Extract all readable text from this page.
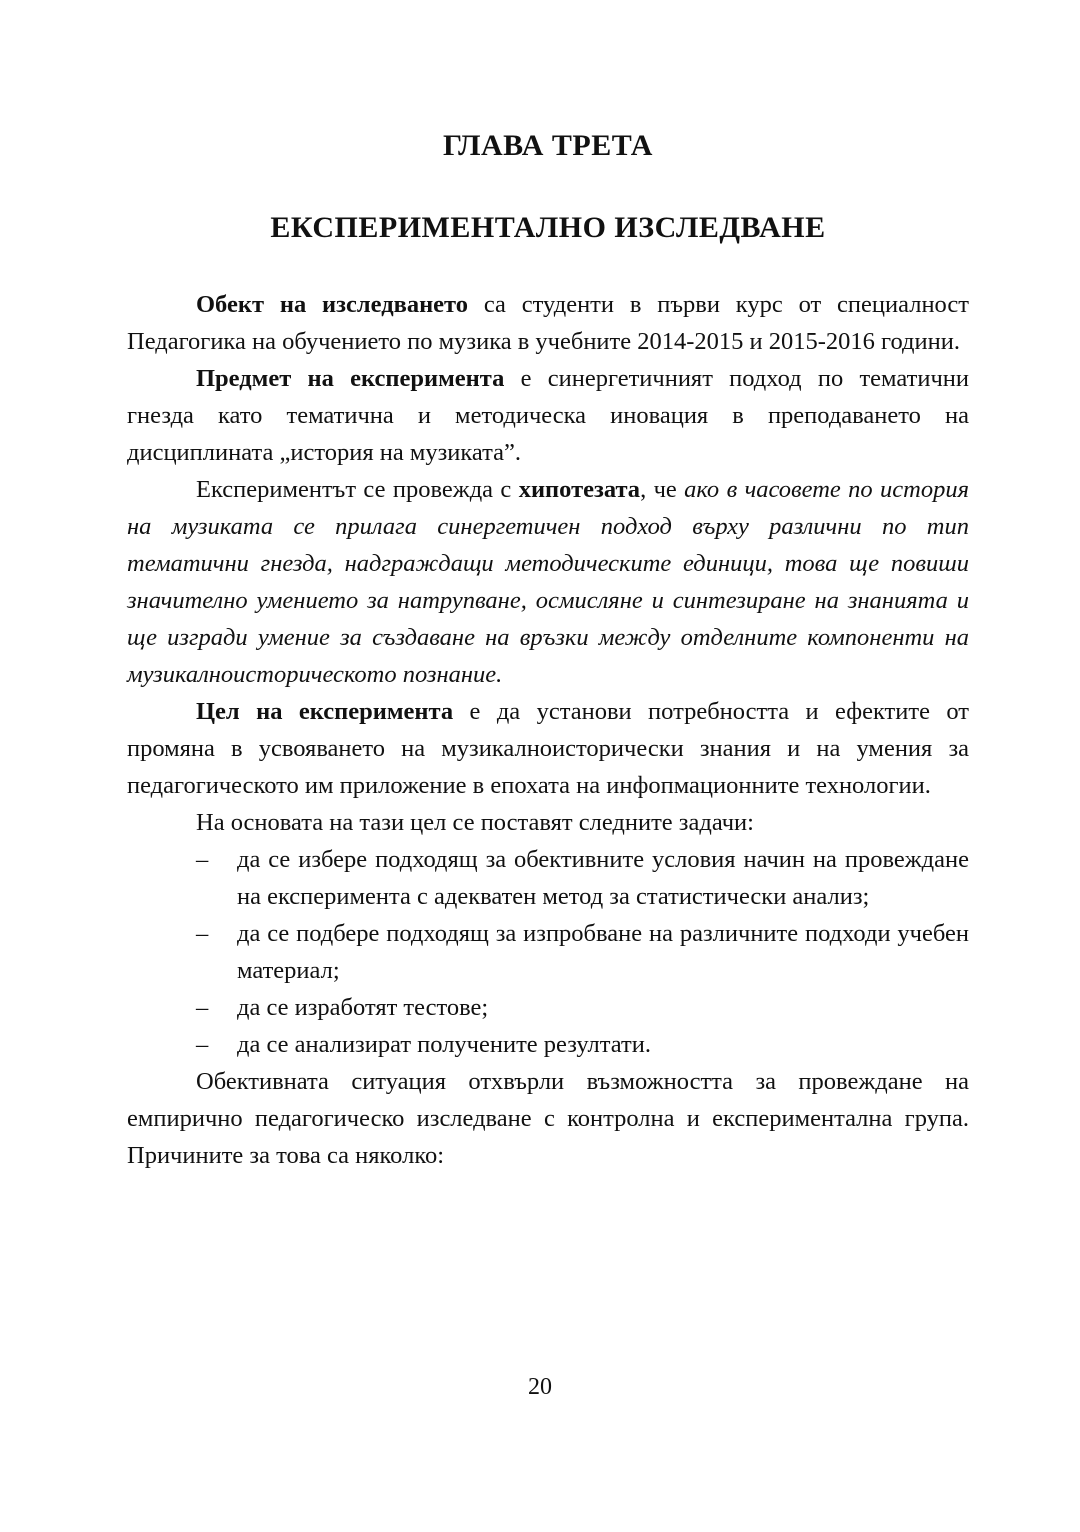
ГЛАВА ТРЕТА
ЕКСПЕРИМЕНТАЛНО ИЗСЛЕДВАНЕ

Обект на изследването са студенти в първи курс от специалност Педагогика на обучението по музика в учебните 2014-2015 и 2015-2016 години.

Предмет на експеримента е синергетичният подход по тематични гнезда като тематична и методическа иновация в преподаването на дисциплината „история на музиката”.

Експериментът се провежда с хипотезата, че ако в часовете по история на музиката се прилага синергетичен подход върху различни по тип тематични гнезда, надграждащи методическите единици, това ще повиши значително умението за натрупване, осмисляне и синтезиране на знанията и ще изгради умение за създаване на връзки между отделните компоненти на музикалноисторическото познание.

Цел на експеримента е да установи потребността и ефектите от промяна в усвояването на музикалноисторически знания и на умения за педагогическото им приложение в епохата на инфопмационните технологии.

На основата на тази цел се поставят следните задачи:

–	да се избере подходящ за обективните условия начин на провеждане на експеримента с адекватен метод за статистически анализ;
–	да се подбере подходящ за изпробване на различните подходи учебен материал;
–	да се изработят тестове;
–	да се анализират получените резултати.

Обективната ситуация отхвърли възможността за провеждане на емпирично педагогическо изследване с контролна и експериментална група. Причините за това са няколко:

20
